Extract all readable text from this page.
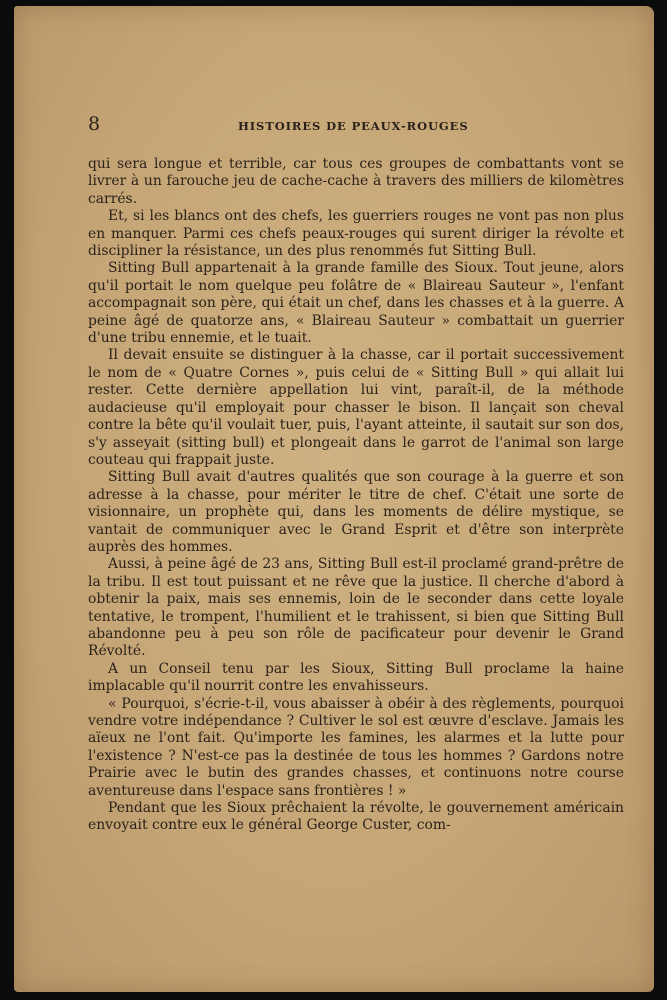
8	HISTOIRES DE PEAUX-ROUGES

qui sera longue et terrible, car tous ces groupes de combattants vont se livrer à un farouche jeu de cache-cache à travers des milliers de kilomètres carrés.

Et, si les blancs ont des chefs, les guerriers rouges ne vont pas non plus en manquer. Parmi ces chefs peaux-rouges qui surent diriger la révolte et discipliner la résistance, un des plus renommés fut Sitting Bull.

Sitting Bull appartenait à la grande famille des Sioux. Tout jeune, alors qu'il portait le nom quelque peu folâtre de « Blaireau Sauteur », l'enfant accompagnait son père, qui était un chef, dans les chasses et à la guerre. A peine âgé de quatorze ans, « Blaireau Sauteur » combattait un guerrier d'une tribu ennemie, et le tuait.

Il devait ensuite se distinguer à la chasse, car il portait successivement le nom de « Quatre Cornes », puis celui de « Sitting Bull » qui allait lui rester. Cette dernière appellation lui vint, paraît-il, de la méthode audacieuse qu'il employait pour chasser le bison. Il lançait son cheval contre la bête qu'il voulait tuer, puis, l'ayant atteinte, il sautait sur son dos, s'y asseyait (sitting bull) et plongeait dans le garrot de l'animal son large couteau qui frappait juste.

Sitting Bull avait d'autres qualités que son courage à la guerre et son adresse à la chasse, pour mériter le titre de chef. C'était une sorte de visionnaire, un prophète qui, dans les moments de délire mystique, se vantait de communiquer avec le Grand Esprit et d'être son interprète auprès des hommes.

Aussi, à peine âgé de 23 ans, Sitting Bull est-il proclamé grand-prêtre de la tribu. Il est tout puissant et ne rêve que la justice. Il cherche d'abord à obtenir la paix, mais ses ennemis, loin de le seconder dans cette loyale tentative, le trompent, l'humilient et le trahissent, si bien que Sitting Bull abandonne peu à peu son rôle de pacificateur pour devenir le Grand Révolté.

A un Conseil tenu par les Sioux, Sitting Bull proclame la haine implacable qu'il nourrit contre les envahisseurs.

« Pourquoi, s'écrie-t-il, vous abaisser à obéir à des règlements, pourquoi vendre votre indépendance ? Cultiver le sol est œuvre d'esclave. Jamais les aïeux ne l'ont fait. Qu'importe les famines, les alarmes et la lutte pour l'existence ? N'est-ce pas la destinée de tous les hommes ? Gardons notre Prairie avec le butin des grandes chasses, et continuons notre course aventureuse dans l'espace sans frontières ! »

Pendant que les Sioux prêchaient la révolte, le gouvernement américain envoyait contre eux le général George Custer, com-
